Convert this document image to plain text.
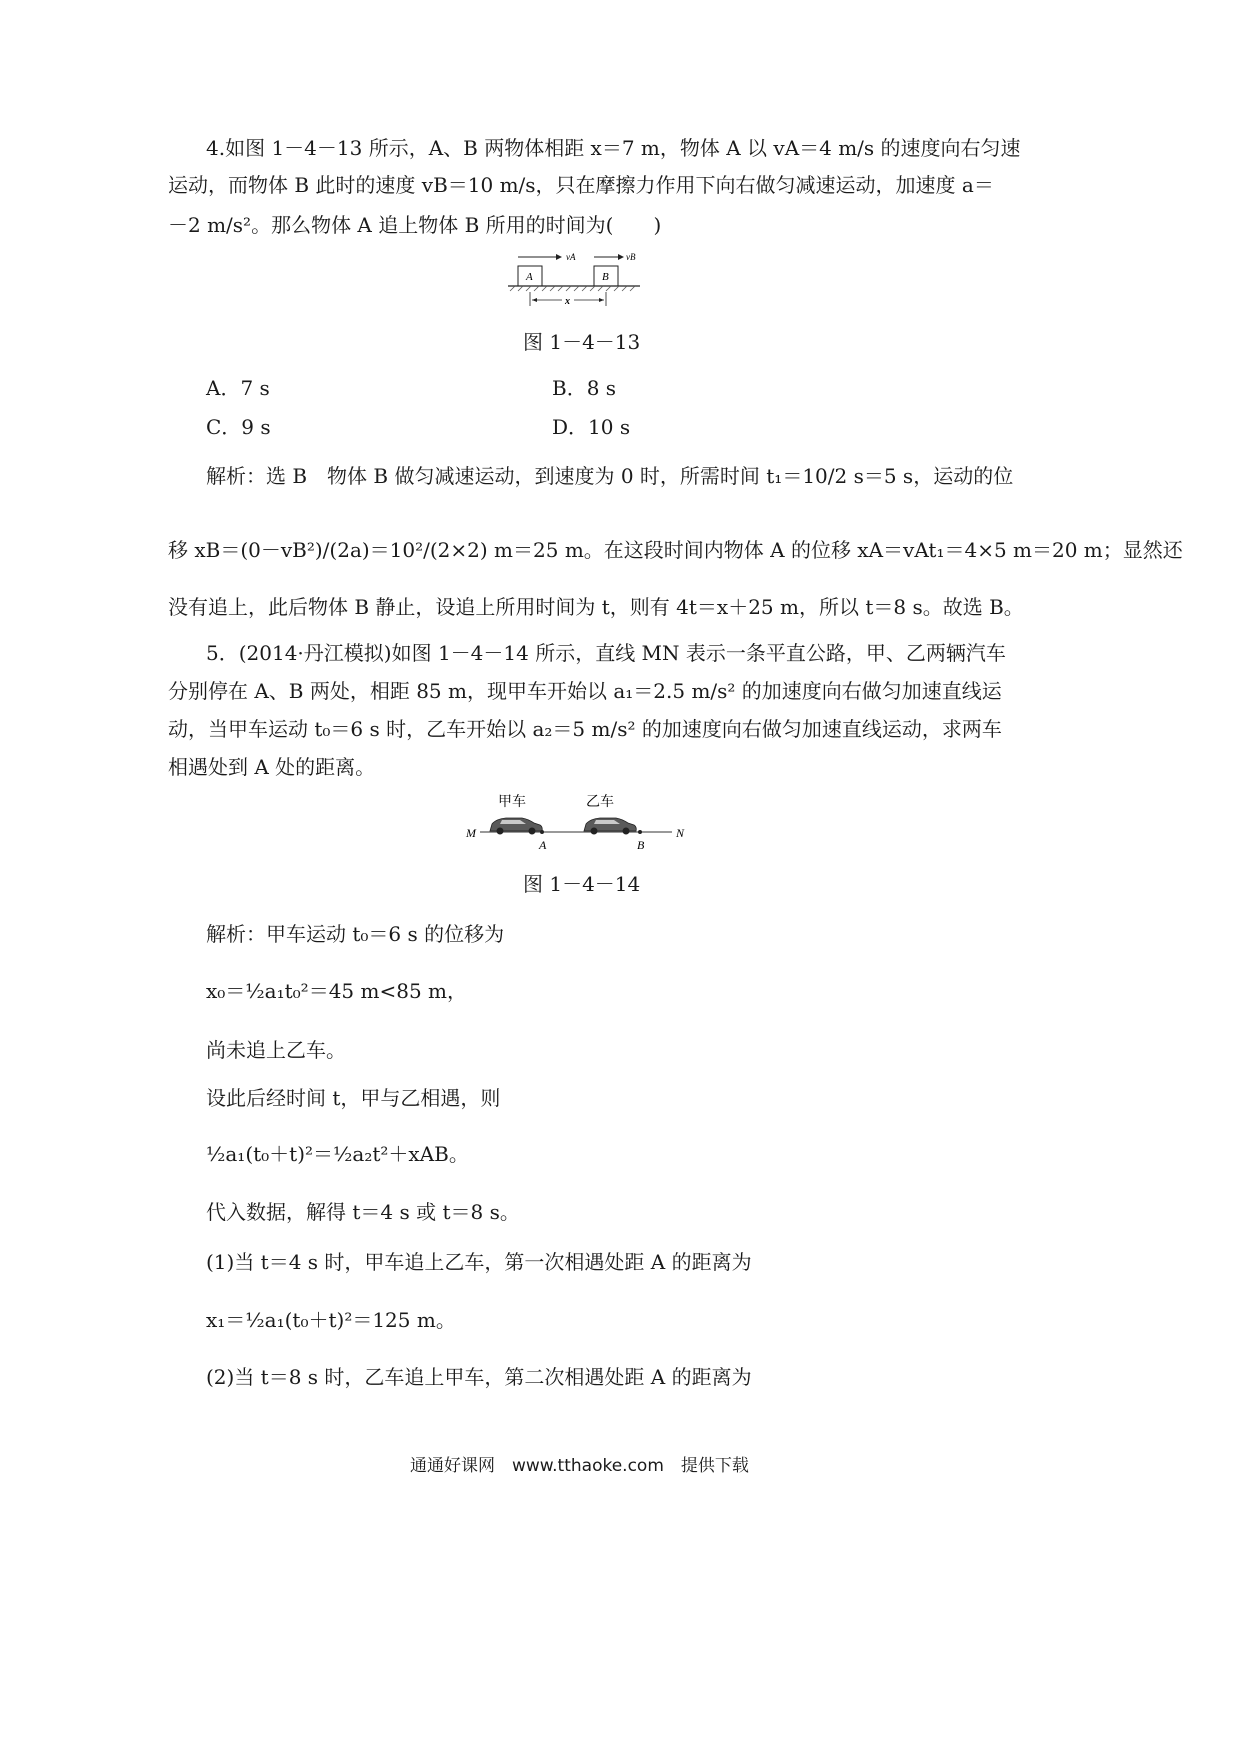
4.如图 1－4－13 所示，A、B 两物体相距 x＝7 m，物体 A 以 vA＝4 m/s 的速度向右匀速
运动，而物体 B 此时的速度 vB＝10 m/s，只在摩擦力作用下向右做匀减速运动，加速度 a＝
－2 m/s²。那么物体 A 追上物体 B 所用的时间为(　　)
vA	vB
A	B
x
图 1－4－13
A．7 s	B．8 s
C．9 s	D．10 s
解析：选 B　物体 B 做匀减速运动，到速度为 0 时，所需时间 t₁＝10/2 s＝5 s，运动的位
移 xB＝(0－vB²)/(2a)＝10²/(2×2) m＝25 m。在这段时间内物体 A 的位移 xA＝vAt₁＝4×5 m＝20 m；显然还
没有追上，此后物体 B 静止，设追上所用时间为 t，则有 4t＝x＋25 m，所以 t＝8 s。故选 B。
5．(2014·丹江模拟)如图 1－4－14 所示，直线 MN 表示一条平直公路，甲、乙两辆汽车
分别停在 A、B 两处，相距 85 m，现甲车开始以 a₁＝2.5 m/s² 的加速度向右做匀加速直线运
动，当甲车运动 t₀＝6 s 时，乙车开始以 a₂＝5 m/s² 的加速度向右做匀加速直线运动，求两车
相遇处到 A 处的距离。
甲车	乙车
M	N
A	B
图 1－4－14
解析：甲车运动 t₀＝6 s 的位移为
x₀＝½a₁t₀²＝45 m<85 m，
尚未追上乙车。
设此后经时间 t，甲与乙相遇，则
½a₁(t₀＋t)²＝½a₂t²＋xAB。
代入数据，解得 t＝4 s 或 t＝8 s。
(1)当 t＝4 s 时，甲车追上乙车，第一次相遇处距 A 的距离为
x₁＝½a₁(t₀＋t)²＝125 m。
(2)当 t＝8 s 时，乙车追上甲车，第二次相遇处距 A 的距离为
通通好课网　www.tthaoke.com　提供下载
